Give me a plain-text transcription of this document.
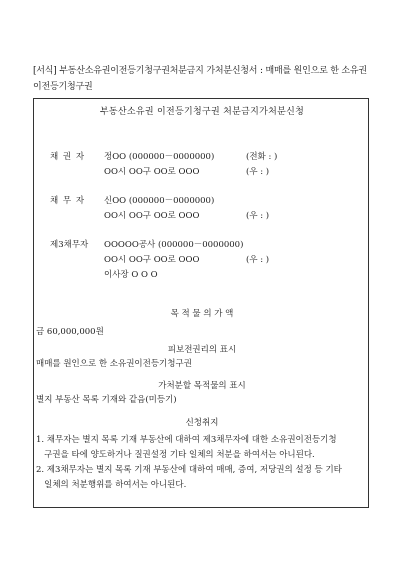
[서식] 부동산소유권이전등기청구권처분금지 가처분신청서 : 매매를 원인으로 한 소유권이전등기청구권
부동산소유권 이전등기청구권 처분금지가처분신청
채 권 자 정OO (000000－0000000)	(전화 : )
OO시 OO구 OO로 OOO	(우 : )
채 무 자 신OO (000000－0000000)
OO시 OO구 OO로 OOO	(우 : )
제3채무자 OOOOO공사 (000000－0000000)
OO시 OO구 OO로 OOO	(우 : )
이사장 O O O
목 적 물 의 가 액
금 60,000,000원
피보전권리의 표시
매매를 원인으로 한 소유권이전등기청구권
가처분할 목적물의 표시
별지 부동산 목록 기재와 같음(미등기)
신청취지
1. 채무자는 별지 목록 기재 부동산에 대하여 제3채무자에 대한 소유권이전등기청
구권을 타에 양도하거나 질권설정 기타 일체의 처분을 하여서는 아니된다.
2. 제3채무자는 별지 목록 기재 부동산에 대하여 매매, 증여, 저당권의 설정 등 기타
일체의 처분행위를 하여서는 아니된다.
